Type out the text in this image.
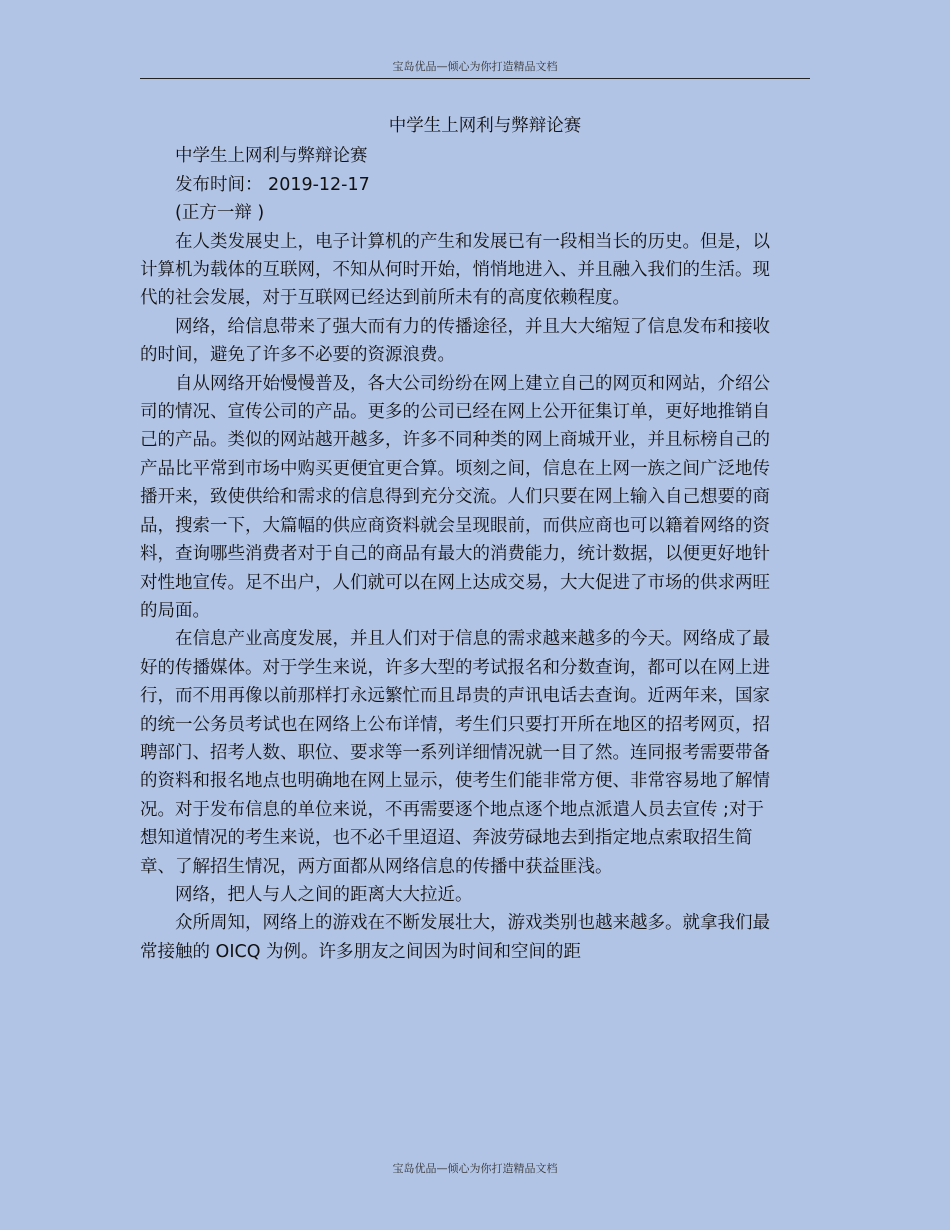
宝岛优品—倾心为你打造精品文档
中学生上网利与弊辩论赛

中学生上网利与弊辩论赛

发布时间： 2019-12-17

(正方一辩 )

在人类发展史上，电子计算机的产生和发展已有一段相当长的历史。但是，以计算机为载体的互联网，不知从何时开始，悄悄地进入、并且融入我们的生活。现代的社会发展，对于互联网已经达到前所未有的高度依赖程度。

网络，给信息带来了强大而有力的传播途径，并且大大缩短了信息发布和接收的时间，避免了许多不必要的资源浪费。

自从网络开始慢慢普及，各大公司纷纷在网上建立自己的网页和网站，介绍公司的情况、宣传公司的产品。更多的公司已经在网上公开征集订单，更好地推销自己的产品。类似的网站越开越多，许多不同种类的网上商城开业，并且标榜自己的产品比平常到市场中购买更便宜更合算。顷刻之间，信息在上网一族之间广泛地传播开来，致使供给和需求的信息得到充分交流。人们只要在网上输入自己想要的商品，搜索一下，大篇幅的供应商资料就会呈现眼前，而供应商也可以籍着网络的资料，查询哪些消费者对于自己的商品有最大的消费能力，统计数据，以便更好地针对性地宣传。足不出户，人们就可以在网上达成交易，大大促进了市场的供求两旺的局面。

在信息产业高度发展，并且人们对于信息的需求越来越多的今天。网络成了最好的传播媒体。对于学生来说，许多大型的考试报名和分数查询，都可以在网上进行，而不用再像以前那样打永远繁忙而且昂贵的声讯电话去查询。近两年来，国家的统一公务员考试也在网络上公布详情，考生们只要打开所在地区的招考网页，招聘部门、招考人数、职位、要求等一系列详细情况就一目了然。连同报考需要带备的资料和报名地点也明确地在网上显示，使考生们能非常方便、非常容易地了解情况。对于发布信息的单位来说，不再需要逐个地点逐个地点派遣人员去宣传 ;对于想知道情况的考生来说，也不必千里迢迢、奔波劳碌地去到指定地点索取招生简章、了解招生情况，两方面都从网络信息的传播中获益匪浅。

网络，把人与人之间的距离大大拉近。

众所周知，网络上的游戏在不断发展壮大，游戏类别也越来越多。就拿我们最常接触的 OICQ 为例。许多朋友之间因为时间和空间的距

宝岛优品—倾心为你打造精品文档
